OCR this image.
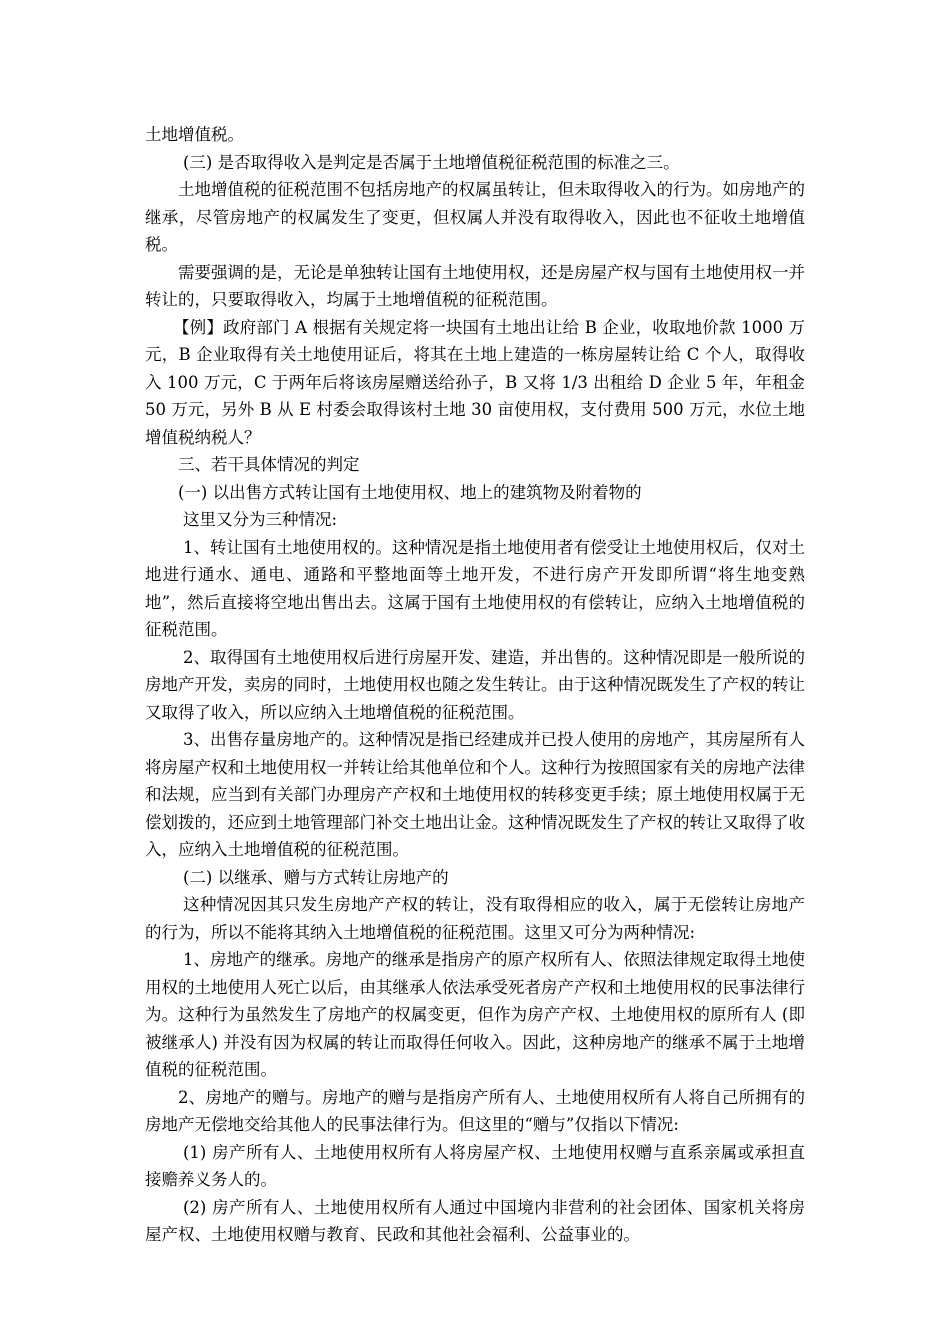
土地增值税。

(三) 是否取得收入是判定是否属于土地增值税征税范围的标准之三。

土地增值税的征税范围不包括房地产的权属虽转让，但未取得收入的行为。如房地产的继承，尽管房地产的权属发生了变更，但权属人并没有取得收入，因此也不征收土地增值税。

需要强调的是，无论是单独转让国有土地使用权，还是房屋产权与国有土地使用权一并转让的，只要取得收入，均属于土地增值税的征税范围。

【例】政府部门 A 根据有关规定将一块国有土地出让给 B 企业，收取地价款 1000 万元，B 企业取得有关土地使用证后，将其在土地上建造的一栋房屋转让给 C 个人，取得收入 100 万元，C 于两年后将该房屋赠送给孙子，B 又将 1/3 出租给 D 企业 5 年，年租金 50 万元，另外 B 从 E 村委会取得该村土地 30 亩使用权，支付费用 500 万元，水位土地增值税纳税人？

三、若干具体情况的判定

(一) 以出售方式转让国有土地使用权、地上的建筑物及附着物的

这里又分为三种情况:

1、转让国有土地使用权的。这种情况是指土地使用者有偿受让土地使用权后，仅对土地进行通水、通电、通路和平整地面等土地开发，不进行房产开发即所谓“将生地变熟地”，然后直接将空地出售出去。这属于国有土地使用权的有偿转让，应纳入土地增值税的征税范围。

2、取得国有土地使用权后进行房屋开发、建造，并出售的。这种情况即是一般所说的房地产开发，卖房的同时，土地使用权也随之发生转让。由于这种情况既发生了产权的转让又取得了收入，所以应纳入土地增值税的征税范围。

3、出售存量房地产的。这种情况是指已经建成并已投人使用的房地产，其房屋所有人将房屋产权和土地使用权一并转让给其他单位和个人。这种行为按照国家有关的房地产法律和法规，应当到有关部门办理房产产权和土地使用权的转移变更手续；原土地使用权属于无偿划拨的，还应到土地管理部门补交土地出让金。这种情况既发生了产权的转让又取得了收入，应纳入土地增值税的征税范围。

(二) 以继承、赠与方式转让房地产的

这种情况因其只发生房地产产权的转让，没有取得相应的收入，属于无偿转让房地产的行为，所以不能将其纳入土地增值税的征税范围。这里又可分为两种情况:

1、房地产的继承。房地产的继承是指房产的原产权所有人、依照法律规定取得土地使用权的土地使用人死亡以后，由其继承人依法承受死者房产产权和土地使用权的民事法律行为。这种行为虽然发生了房地产的权属变更，但作为房产产权、土地使用权的原所有人 (即被继承人) 并没有因为权属的转让而取得任何收入。因此，这种房地产的继承不属于土地增值税的征税范围。

2、房地产的赠与。房地产的赠与是指房产所有人、土地使用权所有人将自己所拥有的房地产无偿地交给其他人的民事法律行为。但这里的“赠与”仅指以下情况:

(1) 房产所有人、土地使用权所有人将房屋产权、土地使用权赠与直系亲属或承担直接赡养义务人的。

(2) 房产所有人、土地使用权所有人通过中国境内非营利的社会团体、国家机关将房屋产权、土地使用权赠与教育、民政和其他社会福利、公益事业的。
